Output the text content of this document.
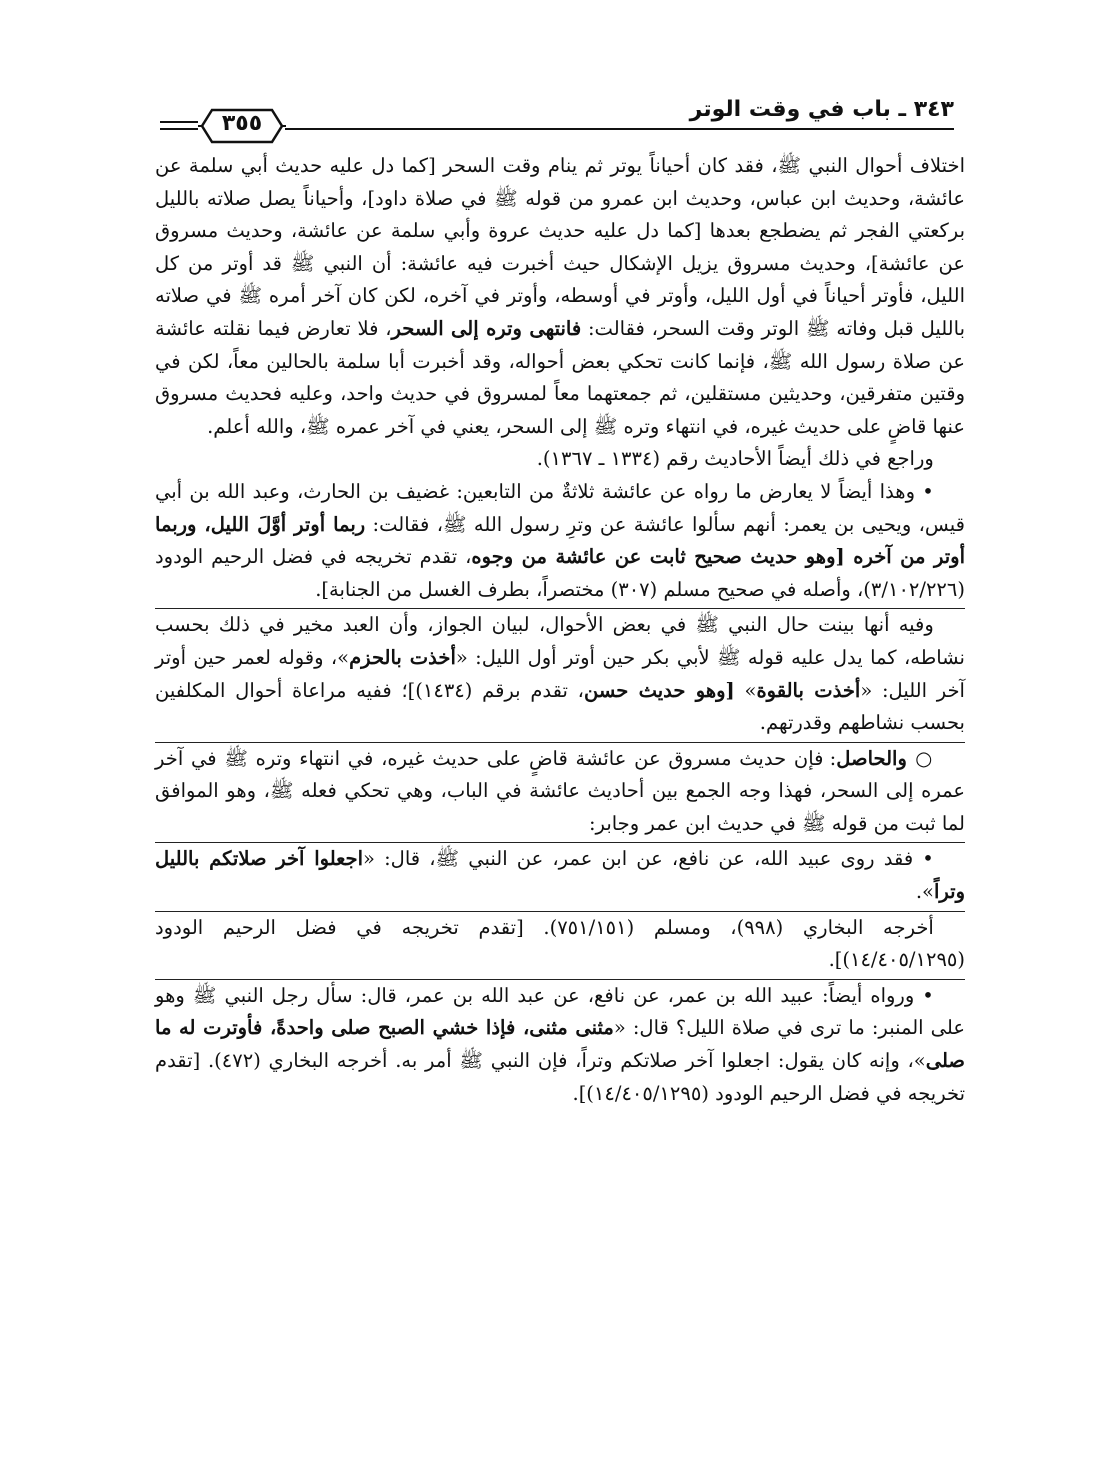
٣٤٣ ـ باب في وقت الوتر
٣٥٥

اختلاف أحوال النبي ﷺ، فقد كان أحياناً يوتر ثم ينام وقت السحر [كما دل عليه حديث أبي سلمة عن عائشة، وحديث ابن عباس، وحديث ابن عمرو من قوله ﷺ في صلاة داود]، وأحياناً يصل صلاته بالليل بركعتي الفجر ثم يضطجع بعدها [كما دل عليه حديث عروة وأبي سلمة عن عائشة، وحديث مسروق عن عائشة]، وحديث مسروق يزيل الإشكال حيث أخبرت فيه عائشة: أن النبي ﷺ قد أوتر من كل الليل، فأوتر أحياناً في أول الليل، وأوتر في أوسطه، وأوتر في آخره، لكن كان آخر أمره ﷺ في صلاته بالليل قبل وفاته ﷺ الوتر وقت السحر، فقالت: فانتهى وتره إلى السحر، فلا تعارض فيما نقلته عائشة عن صلاة رسول الله ﷺ، فإنما كانت تحكي بعض أحواله، وقد أخبرت أبا سلمة بالحالين معاً، لكن في وقتين متفرقين، وحديثين مستقلين، ثم جمعتهما معاً لمسروق في حديث واحد، وعليه فحديث مسروق عنها قاضٍ على حديث غيره، في انتهاء وتره ﷺ إلى السحر، يعني في آخر عمره ﷺ، والله أعلم.

وراجع في ذلك أيضاً الأحاديث رقم (١٣٣٤ ـ ١٣٦٧).

• وهذا أيضاً لا يعارض ما رواه عن عائشة ثلاثةٌ من التابعين: غضيف بن الحارث، وعبد الله بن أبي قيس، ويحيى بن يعمر: أنهم سألوا عائشة عن وترِ رسول الله ﷺ، فقالت: ربما أوتر أوَّلَ الليل، وربما أوتر من آخره [وهو حديث صحيح ثابت عن عائشة من وجوه، تقدم تخريجه في فضل الرحيم الودود (٣/١٠٢/٢٢٦)، وأصله في صحيح مسلم (٣٠٧) مختصراً، بطرف الغسل من الجنابة].

وفيه أنها بينت حال النبي ﷺ في بعض الأحوال، لبيان الجواز، وأن العبد مخير في ذلك بحسب نشاطه، كما يدل عليه قوله ﷺ لأبي بكر حين أوتر أول الليل: «أخذت بالحزم»، وقوله لعمر حين أوتر آخر الليل: «أخذت بالقوة» [وهو حديث حسن، تقدم برقم (١٤٣٤)]؛ ففيه مراعاة أحوال المكلفين بحسب نشاطهم وقدرتهم.

○ والحاصل: فإن حديث مسروق عن عائشة قاضٍ على حديث غيره، في انتهاء وتره ﷺ في آخر عمره إلى السحر، فهذا وجه الجمع بين أحاديث عائشة في الباب، وهي تحكي فعله ﷺ، وهو الموافق لما ثبت من قوله ﷺ في حديث ابن عمر وجابر:

• فقد روى عبيد الله، عن نافع، عن ابن عمر، عن النبي ﷺ، قال: «اجعلوا آخر صلاتكم بالليل وتراً».

أخرجه البخاري (٩٩٨)، ومسلم (٧٥١/١٥١). [تقدم تخريجه في فضل الرحيم الودود (١٤/٤٠٥/١٢٩٥)].

• ورواه أيضاً: عبيد الله بن عمر، عن نافع، عن عبد الله بن عمر، قال: سأل رجل النبي ﷺ وهو على المنبر: ما ترى في صلاة الليل؟ قال: «مثنى مثنى، فإذا خشي الصبح صلى واحدةً، فأوترت له ما صلى»، وإنه كان يقول: اجعلوا آخر صلاتكم وتراً، فإن النبي ﷺ أمر به. أخرجه البخاري (٤٧٢). [تقدم تخريجه في فضل الرحيم الودود (١٤/٤٠٥/١٢٩٥)].
